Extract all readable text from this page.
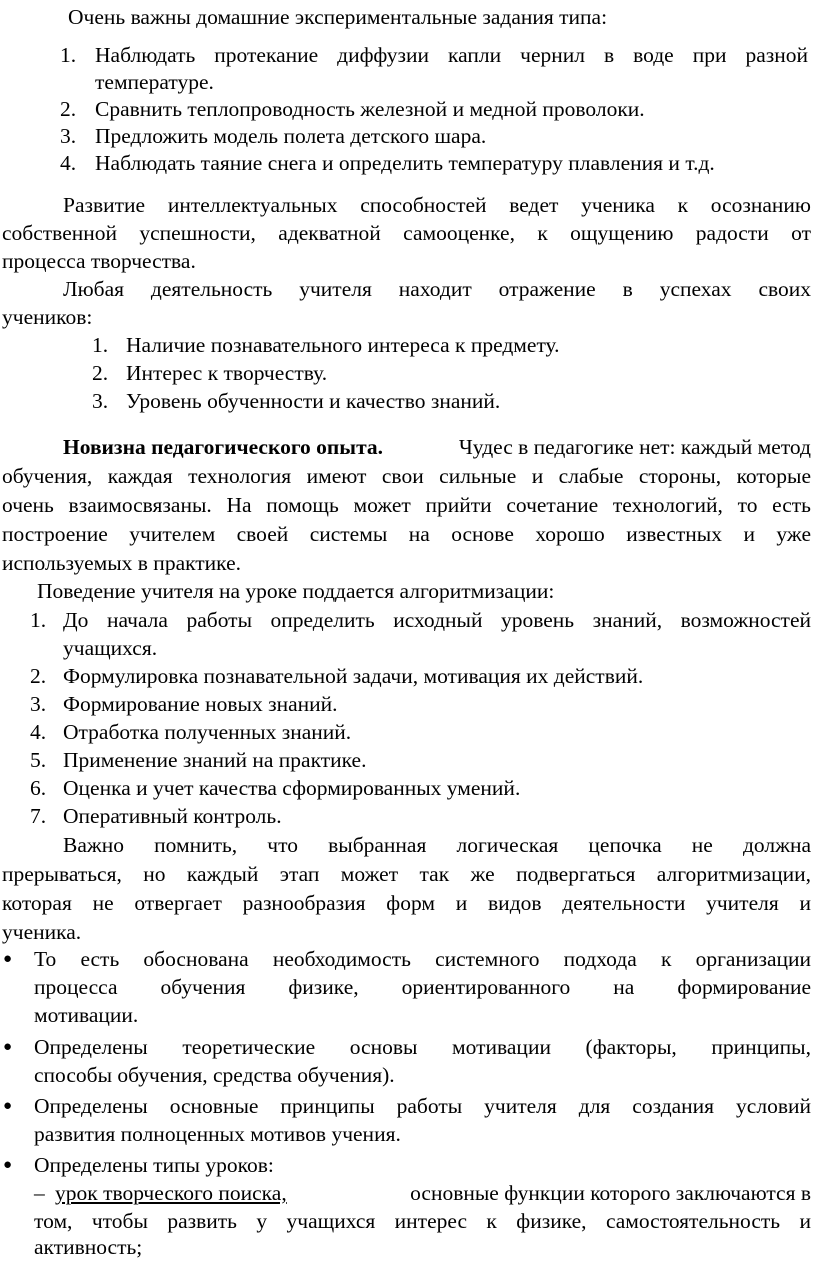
Очень важны домашние экспериментальные задания типа:
1. Наблюдать протекание диффузии капли чернил в воде при разной
температуре.
2. Сравнить теплопроводность железной и медной проволоки.
3. Предложить модель полета детского шара.
4. Наблюдать таяние снега и определить температуру плавления и т.д.
Развитие интеллектуальных способностей ведет ученика к осознанию
собственной успешности, адекватной самооценке, к ощущению радости от
процесса творчества.
Любая деятельность учителя находит отражение в успехах своих
учеников:
1. Наличие познавательного интереса к предмету.
2. Интерес к творчеству.
3. Уровень обученности и качество знаний.
Новизна педагогического опыта.	Чудес в педагогике нет: каждый метод
обучения, каждая технология имеют свои сильные и слабые стороны, которые
очень взаимосвязаны. На помощь может прийти сочетание технологий, то есть
построение учителем своей системы на основе хорошо известных и уже
используемых в практике.
Поведение учителя на уроке поддается алгоритмизации:
1. До начала работы определить исходный уровень знаний, возможностей
учащихся.
2. Формулировка познавательной задачи, мотивация их действий.
3. Формирование новых знаний.
4. Отработка полученных знаний.
5. Применение знаний на практике.
6. Оценка и учет качества сформированных умений.
7. Оперативный контроль.
Важно помнить, что выбранная логическая цепочка не должна
прерываться, но каждый этап может так же подвергаться алгоритмизации,
которая не отвергает разнообразия форм и видов деятельности учителя и
ученика.
● То есть обоснована необходимость системного подхода к организации
процесса обучения физике, ориентированного на формирование
мотивации.
● Определены теоретические основы мотивации (факторы, принципы,
способы обучения, средства обучения).
● Определены основные принципы работы учителя для создания условий
развития полноценных мотивов учения.
● Определены типы уроков:
– урок творческого поиска,	основные функции которого заключаются в
том, чтобы развить у учащихся интерес к физике, самостоятельность и
активность;
